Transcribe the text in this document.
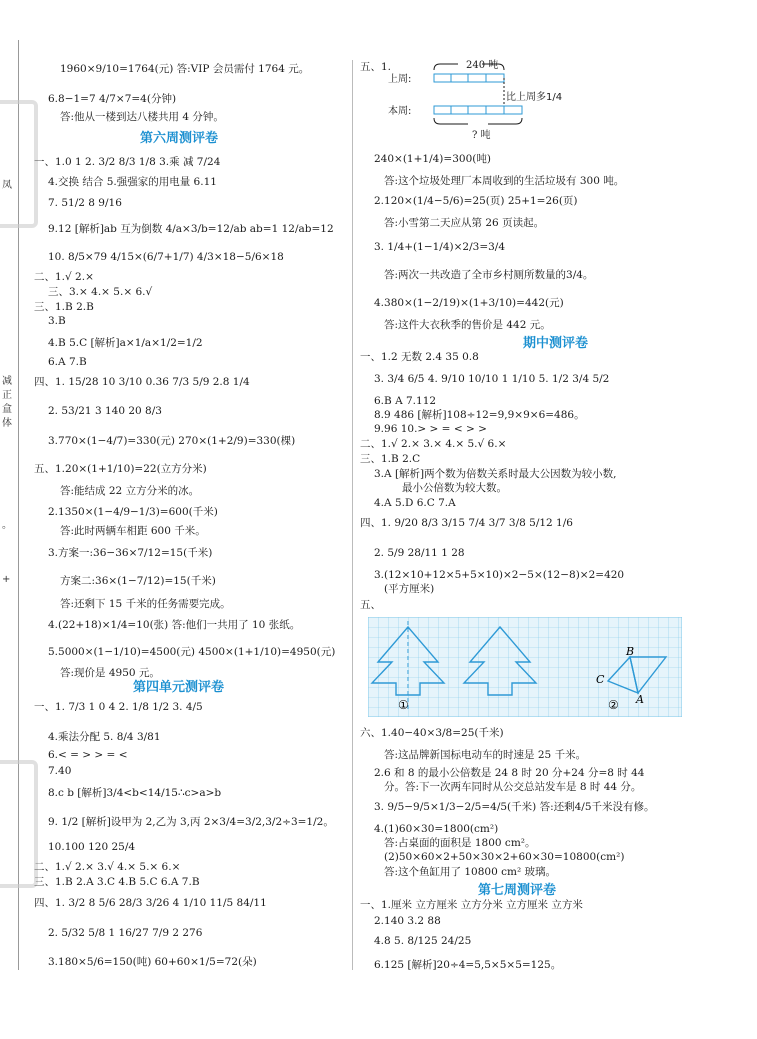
凤
减
正
盒
体
。
+
1960×9/10=1764(元) 答:VIP 会员需付 1764 元。
6.8−1=7 4/7×7=4(分钟)
答:他从一楼到达八楼共用 4 分钟。
第六周测评卷
一、1.0 1 2. 3/2 8/3 1/8 3.乘 减 7/24
4.交换 结合 5.强强家的用电量 6.11
7. 51/2 8 9/16
9.12 [解析]ab 互为倒数 4/a×3/b=12/ab ab=1 12/ab=12
10. 8/5×79 4/15×(6/7+1/7) 4/3×18−5/6×18
二、1.√ 2.×
三、3.× 4.× 5.× 6.√
三、1.B 2.B
3.B
4.B 5.C [解析]a×1/a×1/2=1/2
6.A 7.B
四、1. 15/28 10 3/10 0.36 7/3 5/9 2.8 1/4
2. 53/21 3 140 20 8/3
3.770×(1−4/7)=330(元) 270×(1+2/9)=330(棵)
五、1.20×(1+1/10)=22(立方分米)
答:能结成 22 立方分米的冰。
2.1350×(1−4/9−1/3)=600(千米)
答:此时两辆车相距 600 千米。
3.方案一:36−36×7/12=15(千米)
方案二:36×(1−7/12)=15(千米)
答:还剩下 15 千米的任务需要完成。
4.(22+18)×1/4=10(张) 答:他们一共用了 10 张纸。
5.5000×(1−1/10)=4500(元) 4500×(1+1/10)=4950(元)
答:现价是 4950 元。
第四单元测评卷
一、1. 7/3 1 0 4 2. 1/8 1/2 3. 4/5
4.乘法分配 5. 8/4 3/81
6.< = > > = <
7.40
8.c b [解析]3/4<b<14/15∴c>a>b
9. 1/2 [解析]设甲为 2,乙为 3,丙 2×3/4=3/2,3/2÷3=1/2。
10.100 120 25/4
二、1.√ 2.× 3.√ 4.× 5.× 6.×
三、1.B 2.A 3.C 4.B 5.C 6.A 7.B
四、1. 3/2 8 5/6 28/3 3/26 4 1/10 11/5 84/11
2. 5/32 5/8 1 16/27 7/9 2 276
3.180×5/6=150(吨) 60+60×1/5=72(朵)
五、1.	240 吨
上周:
比上周多1/4
本周:
? 吨
240×(1+1/4)=300(吨)
答:这个垃圾处理厂本周收到的生活垃圾有 300 吨。
2.120×(1/4−5/6)=25(页) 25+1=26(页)
答:小雪第二天应从第 26 页读起。
3. 1/4+(1−1/4)×2/3=3/4
答:两次一共改造了全市乡村厕所数量的3/4。
4.380×(1−2/19)×(1+3/10)=442(元)
答:这件大衣秋季的售价是 442 元。
期中测评卷
一、1.2 无数 2.4 35 0.8
3. 3/4 6/5 4. 9/10 10/10 1 1/10 5. 1/2 3/4 5/2
6.B A 7.112
8.9 486 [解析]108÷12=9,9×9×6=486。
9.96 10.> > = < > >
二、1.√ 2.× 3.× 4.× 5.√ 6.×
三、1.B 2.C
3.A [解析]两个数为倍数关系时最大公因数为较小数,
最小公倍数为较大数。
4.A 5.D 6.C 7.A
四、1. 9/20 8/3 3/15 7/4 3/7 3/8 5/12 1/6
2. 5/9 28/11 1 28
3.(12×10+12×5+5×10)×2−5×(12−8)×2=420
(平方厘米)
五、
B
C
A
①	②
六、1.40−40×3/8=25(千米)
答:这品牌新国标电动车的时速是 25 千米。
2.6 和 8 的最小公倍数是 24 8 时 20 分+24 分=8 时 44
分。答:下一次两车同时从公交总站发车是 8 时 44 分。
3. 9/5−9/5×1/3−2/5=4/5(千米) 答:还剩4/5千米没有修。
4.(1)60×30=1800(cm²)
答:占桌面的面积是 1800 cm²。
(2)50×60×2+50×30×2+60×30=10800(cm²)
答:这个鱼缸用了 10800 cm² 玻璃。
第七周测评卷
一、1.厘米 立方厘米 立方分米 立方厘米 立方米
2.140 3.2 88
4.8 5. 8/125 24/25
6.125 [解析]20÷4=5,5×5×5=125。
